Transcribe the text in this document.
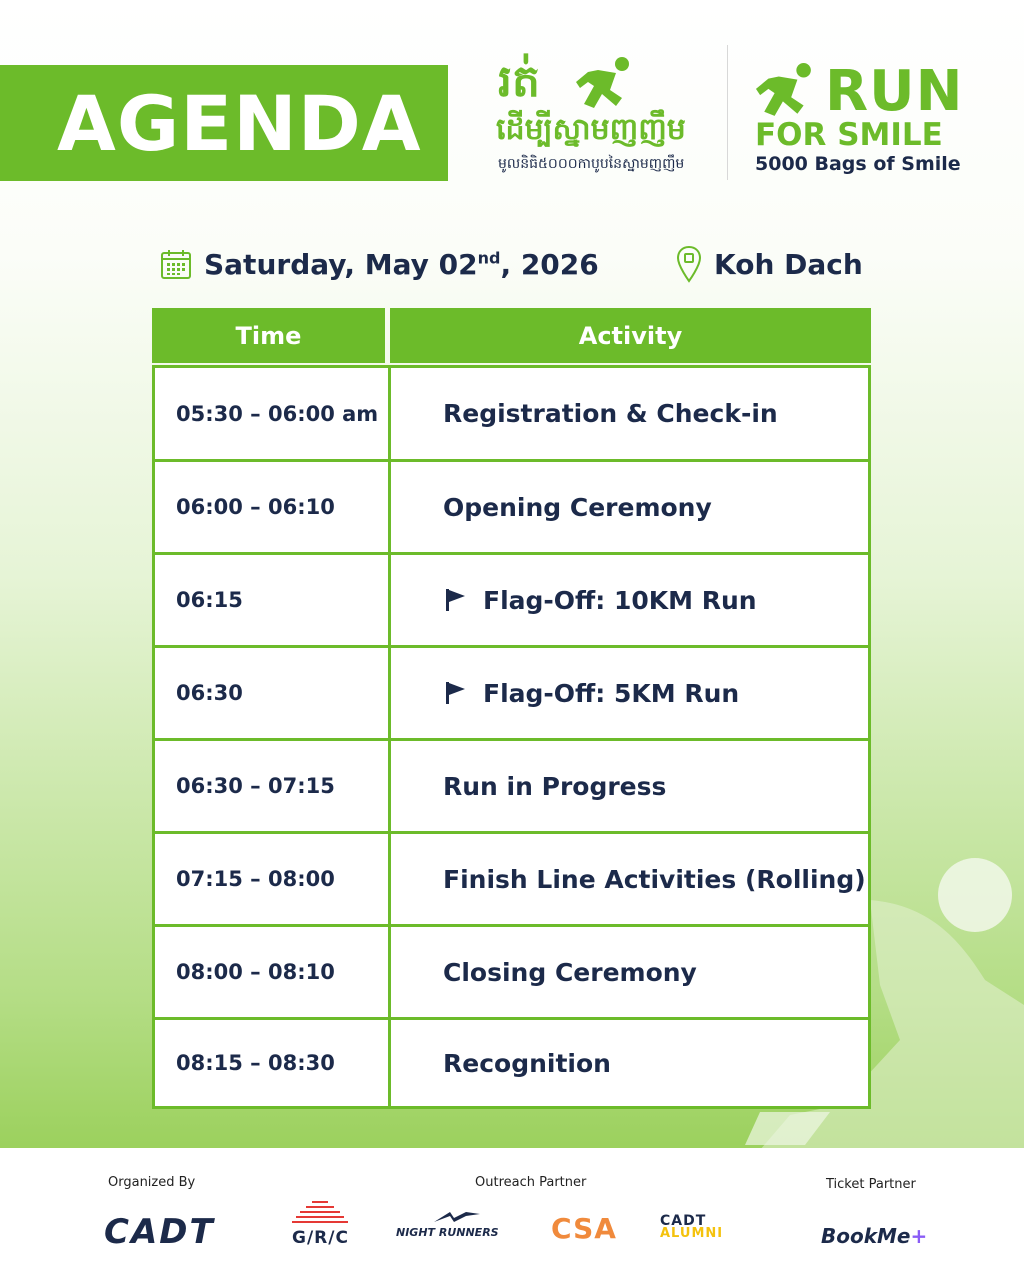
AGENDA រត់
ដើម្បីស្នាមញញឹម
មូលនិធិ៥០០០កាបូបនៃស្នាមញញឹម
RUN
FOR SMILE
5000 Bags of Smile
Saturday, May 02nd, 2026	Koh Dach
Time	Activity
05:30 – 06:00 am	Registration & Check-in
06:00 – 06:10	Opening Ceremony
06:15	Flag-Off: 10KM Run
06:30	Flag-Off: 5KM Run
06:30 – 07:15	Run in Progress
07:15 – 08:00	Finish Line Activities (Rolling)
08:00 – 08:10	Closing Ceremony
08:15 – 08:30	Recognition
Organized By	Outreach Partner	Ticket Partner
CADT	G/R/C	NIGHT RUNNERS CSA	CADT
ALUMNI	BookMe+
